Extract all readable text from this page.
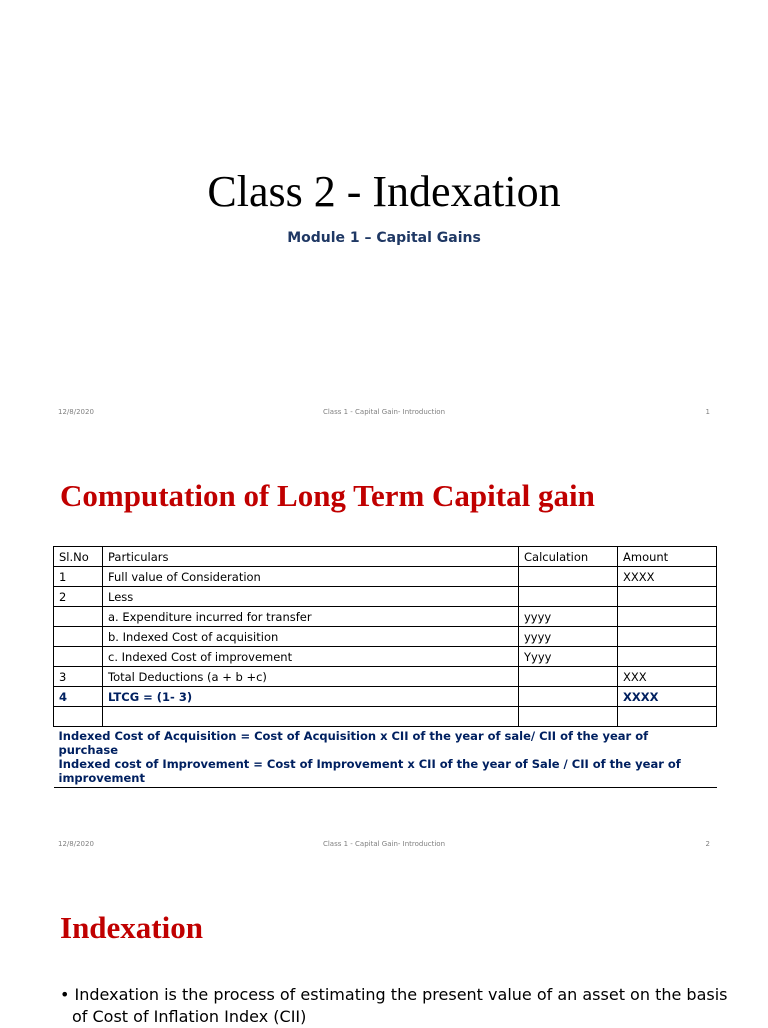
Class 2 - Indexation
Module 1 – Capital Gains
12/8/2020	Class 1 - Capital Gain- Introduction	1
Computation of Long Term Capital gain
Sl.No	Particulars	Calculation	Amount
1	Full value of Consideration		XXXX
2	Less		
	a. Expenditure incurred for transfer	yyyy	
	b. Indexed Cost of acquisition	yyyy	
	c. Indexed Cost of improvement	Yyyy	
3	Total Deductions (a + b +c)		XXX
4	LTCG = (1- 3)		XXXX

Indexed Cost of Acquisition = Cost of Acquisition x CII of the year of sale/ CII of the year of purchase
Indexed cost of Improvement = Cost of Improvement x CII of the year of Sale / CII of the year of improvement			
12/8/2020	Class 1 - Capital Gain- Introduction	2
Indexation
• Indexation is the process of estimating the present value of an asset on the basis of Cost of Inflation Index (CII)
